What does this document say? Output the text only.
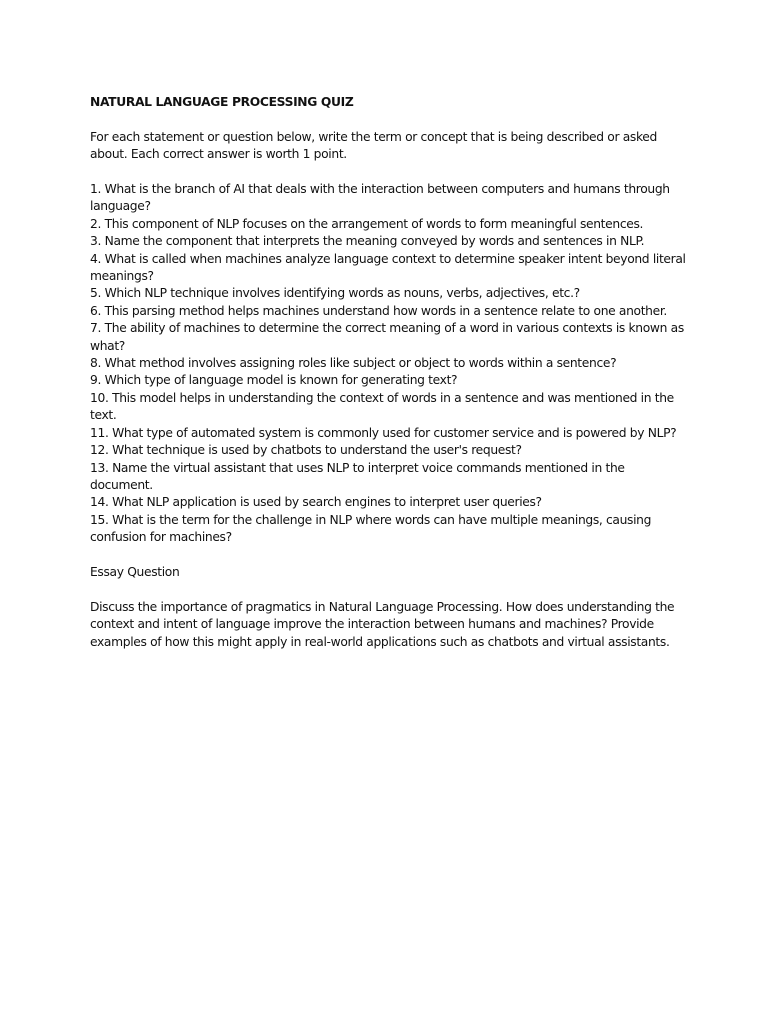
NATURAL LANGUAGE PROCESSING QUIZ
For each statement or question below, write the term or concept that is being described or asked about. Each correct answer is worth 1 point.
1. What is the branch of AI that deals with the interaction between computers and humans through language?
2. This component of NLP focuses on the arrangement of words to form meaningful sentences.
3. Name the component that interprets the meaning conveyed by words and sentences in NLP.
4. What is called when machines analyze language context to determine speaker intent beyond literal meanings?
5. Which NLP technique involves identifying words as nouns, verbs, adjectives, etc.?
6. This parsing method helps machines understand how words in a sentence relate to one another.
7. The ability of machines to determine the correct meaning of a word in various contexts is known as what?
8. What method involves assigning roles like subject or object to words within a sentence?
9. Which type of language model is known for generating text?
10. This model helps in understanding the context of words in a sentence and was mentioned in the text.
11. What type of automated system is commonly used for customer service and is powered by NLP?
12. What technique is used by chatbots to understand the user's request?
13. Name the virtual assistant that uses NLP to interpret voice commands mentioned in the document.
14. What NLP application is used by search engines to interpret user queries?
15. What is the term for the challenge in NLP where words can have multiple meanings, causing confusion for machines?
Essay Question
Discuss the importance of pragmatics in Natural Language Processing. How does understanding the context and intent of language improve the interaction between humans and machines? Provide examples of how this might apply in real-world applications such as chatbots and virtual assistants.
